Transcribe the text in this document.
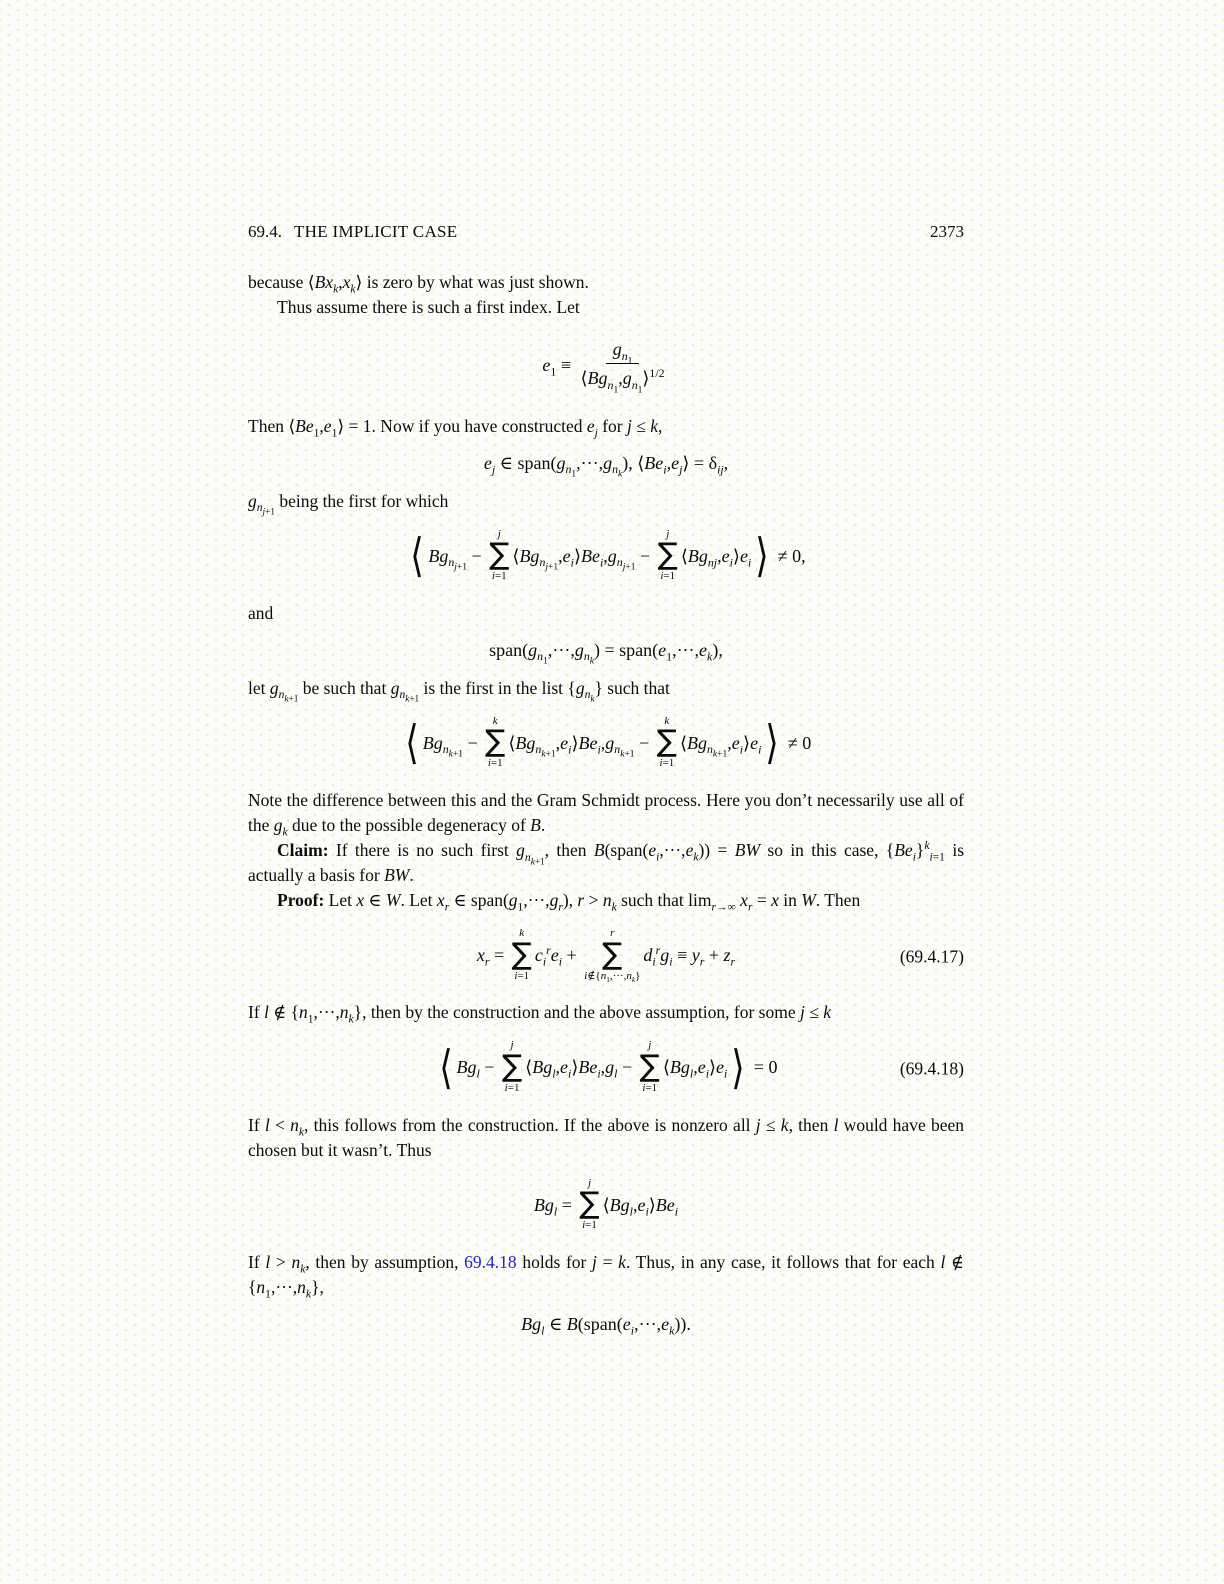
69.4. THE IMPLICIT CASE	2373

because $⟨Bx_k,x_k⟩$ is zero by what was just shown.

Thus assume there is such a first index. Let

$e_1 \equiv \frac{g_{n_1}}{⟨Bg_{n_1},g_{n_1}⟩^{1/2}}$

Then $⟨Be_1,e_1⟩ = 1$. Now if you have constructed $e_j$ for j ≤ k,

$e_j$ ∈ $span(g_{n_1},\cdot\cdot\cdot,g_{n_k})$, $⟨Be_i,e_j⟩ = \delta_{ij}$,

$g_{n_{j+1}}$ being the first for which

⟨ $Bg_{n_{j+1}}$ −
j
∑
i=1
$⟨Bg_{n_{j+1}},e_i⟩Be_i,g_{n_{j+1}}$ −
j
∑
i=1
$⟨Bg_{nj},e_i⟩e_i⟩ \ne 0$,

and

$span(g_{n_1},\cdot\cdot\cdot,g_{n_k})$ = $span(e_1,\cdot\cdot\cdot,e_k)$,

let $g_{n_{k+1}}$ be such that $g_{n_{k+1}}$ is the first in the list $\{g_{n_k}\}$ such that

⟨ $Bg_{n_{k+1}}$ −
k
∑
i=1
$⟨Bg_{n_{k+1}},e_i⟩Be_i,g_{n_{k+1}}$ −
k
∑
i=1
$⟨Bg_{n_{k+1}},e_i⟩e_i⟩ \ne 0$

Note the difference between this and the Gram Schmidt process. Here you don’t necessarily use all of the $g_k$ due to the possible degeneracy of B.

Claim: If there is no such first $g_{n_{k+1}}$, then $B(span(e_i,\cdot\cdot\cdot,e_k))$ = BW so in this case, $\{Be_i\}^k_{i=1}$ is actually a basis for BW.

Proof: Let x ∈ W. Let $x_r$ ∈ $span(g_1,\cdot\cdot\cdot,g_r)$, $r > n_k$ such that $\lim_{r\to\infty} x_r = x$ in W. Then

$x_r$ =
k
∑
i=1
$c_i^re_i$ +
r
∑
$i\notin\{n_1,\cdot\cdot\cdot,n_k\}$
$d_i^rg_i \equiv y_r + z_r$	(69.4.17)

If l ∉ $\{n_1,\cdot\cdot\cdot,n_k\}$, then by the construction and the above assumption, for some j ≤ k

⟨ $Bg_l$ −
j
∑
i=1
$⟨Bg_l,e_i⟩Be_i,g_l$ −
j
∑
i=1
$⟨Bg_l,e_i⟩e_i⟩ = 0$	(69.4.18)

If $l < n_k$, this follows from the construction. If the above is nonzero all j ≤ k, then l would have been chosen but it wasn’t. Thus

$Bg_l$ =
j
∑
i=1
$⟨Bg_l,e_i⟩Be_i$

If $l > n_k$, then by assumption, 69.4.18 holds for j = k. Thus, in any case, it follows that for each l ∉ $\{n_1,\cdot\cdot\cdot,n_k\}$,

$Bg_l$ ∈ $B(span(e_i,\cdot\cdot\cdot,e_k))$.
